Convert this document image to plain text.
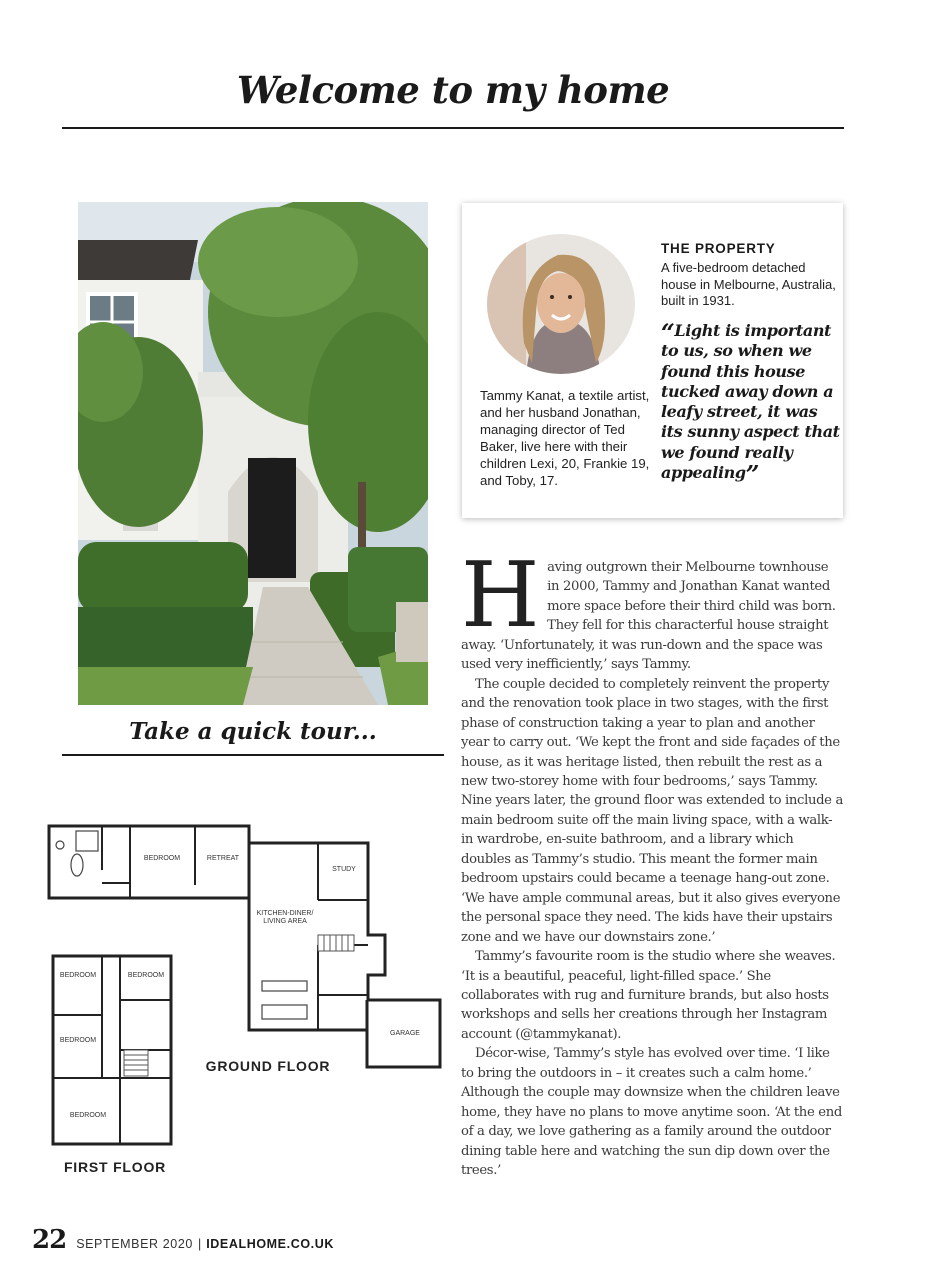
Welcome to my home
Tammy Kanat, a textile artist, and her husband Jonathan, managing director of Ted Baker, live here with their children Lexi, 20, Frankie 19, and Toby, 17.
THE PROPERTY
A five-bedroom detached house in Melbourne, Australia, built in 1931.
“Light is important to us, so when we found this house tucked away down a leafy street, it was its sunny aspect that we found really appealing”
Take a quick tour...
BEDROOM	RETREAT
STUDY
KITCHEN-DINER/
LIVING AREA
GARAGE
BEDROOM	BEDROOM
BEDROOM
BEDROOM
GROUND FLOOR
FIRST FLOOR

Having outgrown their Melbourne townhouse in 2000, Tammy and Jonathan Kanat wanted more space before their third child was born. They fell for this characterful house straight away. ‘Unfortunately, it was run-down and the space was used very inefficiently,’ says Tammy.

The couple decided to completely reinvent the property and the renovation took place in two stages, with the first phase of construction taking a year to plan and another year to carry out. ‘We kept the front and side façades of the house, as it was heritage listed, then rebuilt the rest as a new two-storey home with four bedrooms,’ says Tammy. Nine years later, the ground floor was extended to include a main bedroom suite off the main living space, with a walk-in wardrobe, en-suite bathroom, and a library which doubles as Tammy’s studio. This meant the former main bedroom upstairs could became a teenage hang-out zone. ‘We have ample communal areas, but it also gives everyone the personal space they need. The kids have their upstairs zone and we have our downstairs zone.’

Tammy’s favourite room is the studio where she weaves. ‘It is a beautiful, peaceful, light-filled space.’ She collaborates with rug and furniture brands, but also hosts workshops and sells her creations through her Instagram account (@tammykanat).

Décor-wise, Tammy’s style has evolved over time. ‘I like to bring the outdoors in – it creates such a calm home.’ Although the couple may downsize when the children leave home, they have no plans to move anytime soon. ‘At the end of a day, we love gathering as a family around the outdoor dining table here and watching the sun dip down over the trees.’

22 SEPTEMBER 2020 | IDEALHOME.CO.UK
